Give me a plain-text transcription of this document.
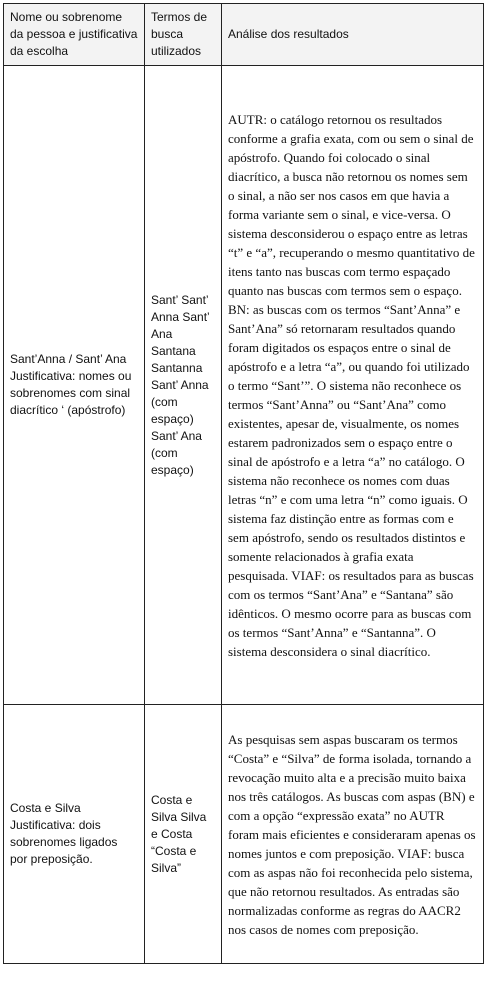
Nome ou sobrenome da pessoa e justificativa da escolha	Termos de busca utilizados	Análise dos resultados
Sant’Anna / Sant’ Ana Justificativa: nomes ou sobrenomes com sinal diacrítico ‘ (apóstrofo)	Sant’ Sant’ Anna Sant’ Ana Santana Santanna Sant’ Anna (com espaço) Sant’ Ana (com espaço)	AUTR: o catálogo retornou os resultados conforme a grafia exata, com ou sem o sinal de apóstrofo. Quando foi colocado o sinal diacrítico, a busca não retornou os nomes sem o sinal, a não ser nos casos em que havia a forma variante sem o sinal, e vice-versa. O sistema desconsiderou o espaço entre as letras “t” e “a”, recuperando o mesmo quantitativo de itens tanto nas buscas com termo espaçado quanto nas buscas com termos sem o espaço. BN: as buscas com os termos “Sant’Anna” e Sant’Ana” só retornaram resultados quando foram digitados os espaços entre o sinal de apóstrofo e a letra “a”, ou quando foi utilizado o termo “Sant’”. O sistema não reconhece os termos “Sant’Anna” ou “Sant’Ana” como existentes, apesar de, visualmente, os nomes estarem padronizados sem o espaço entre o sinal de apóstrofo e a letra “a” no catálogo. O sistema não reconhece os nomes com duas letras “n” e com uma letra “n” como iguais. O sistema faz distinção entre as formas com e sem apóstrofo, sendo os resultados distintos e somente relacionados à grafia exata pesquisada. VIAF: os resultados para as buscas com os termos “Sant’Ana” e “Santana” são idênticos. O mesmo ocorre para as buscas com os termos “Sant’Anna” e “Santanna”. O sistema desconsidera o sinal diacrítico.
Costa e Silva Justificativa: dois sobrenomes ligados por preposição.	Costa e Silva Silva e Costa “Costa e Silva”	As pesquisas sem aspas buscaram os termos “Costa” e “Silva” de forma isolada, tornando a revocação muito alta e a precisão muito baixa nos três catálogos. As buscas com aspas (BN) e com a opção “expressão exata” no AUTR foram mais eficientes e consideraram apenas os nomes juntos e com preposição. VIAF: busca com as aspas não foi reconhecida pelo sistema, que não retornou resultados. As entradas são normalizadas conforme as regras do AACR2 nos casos de nomes com preposição.
